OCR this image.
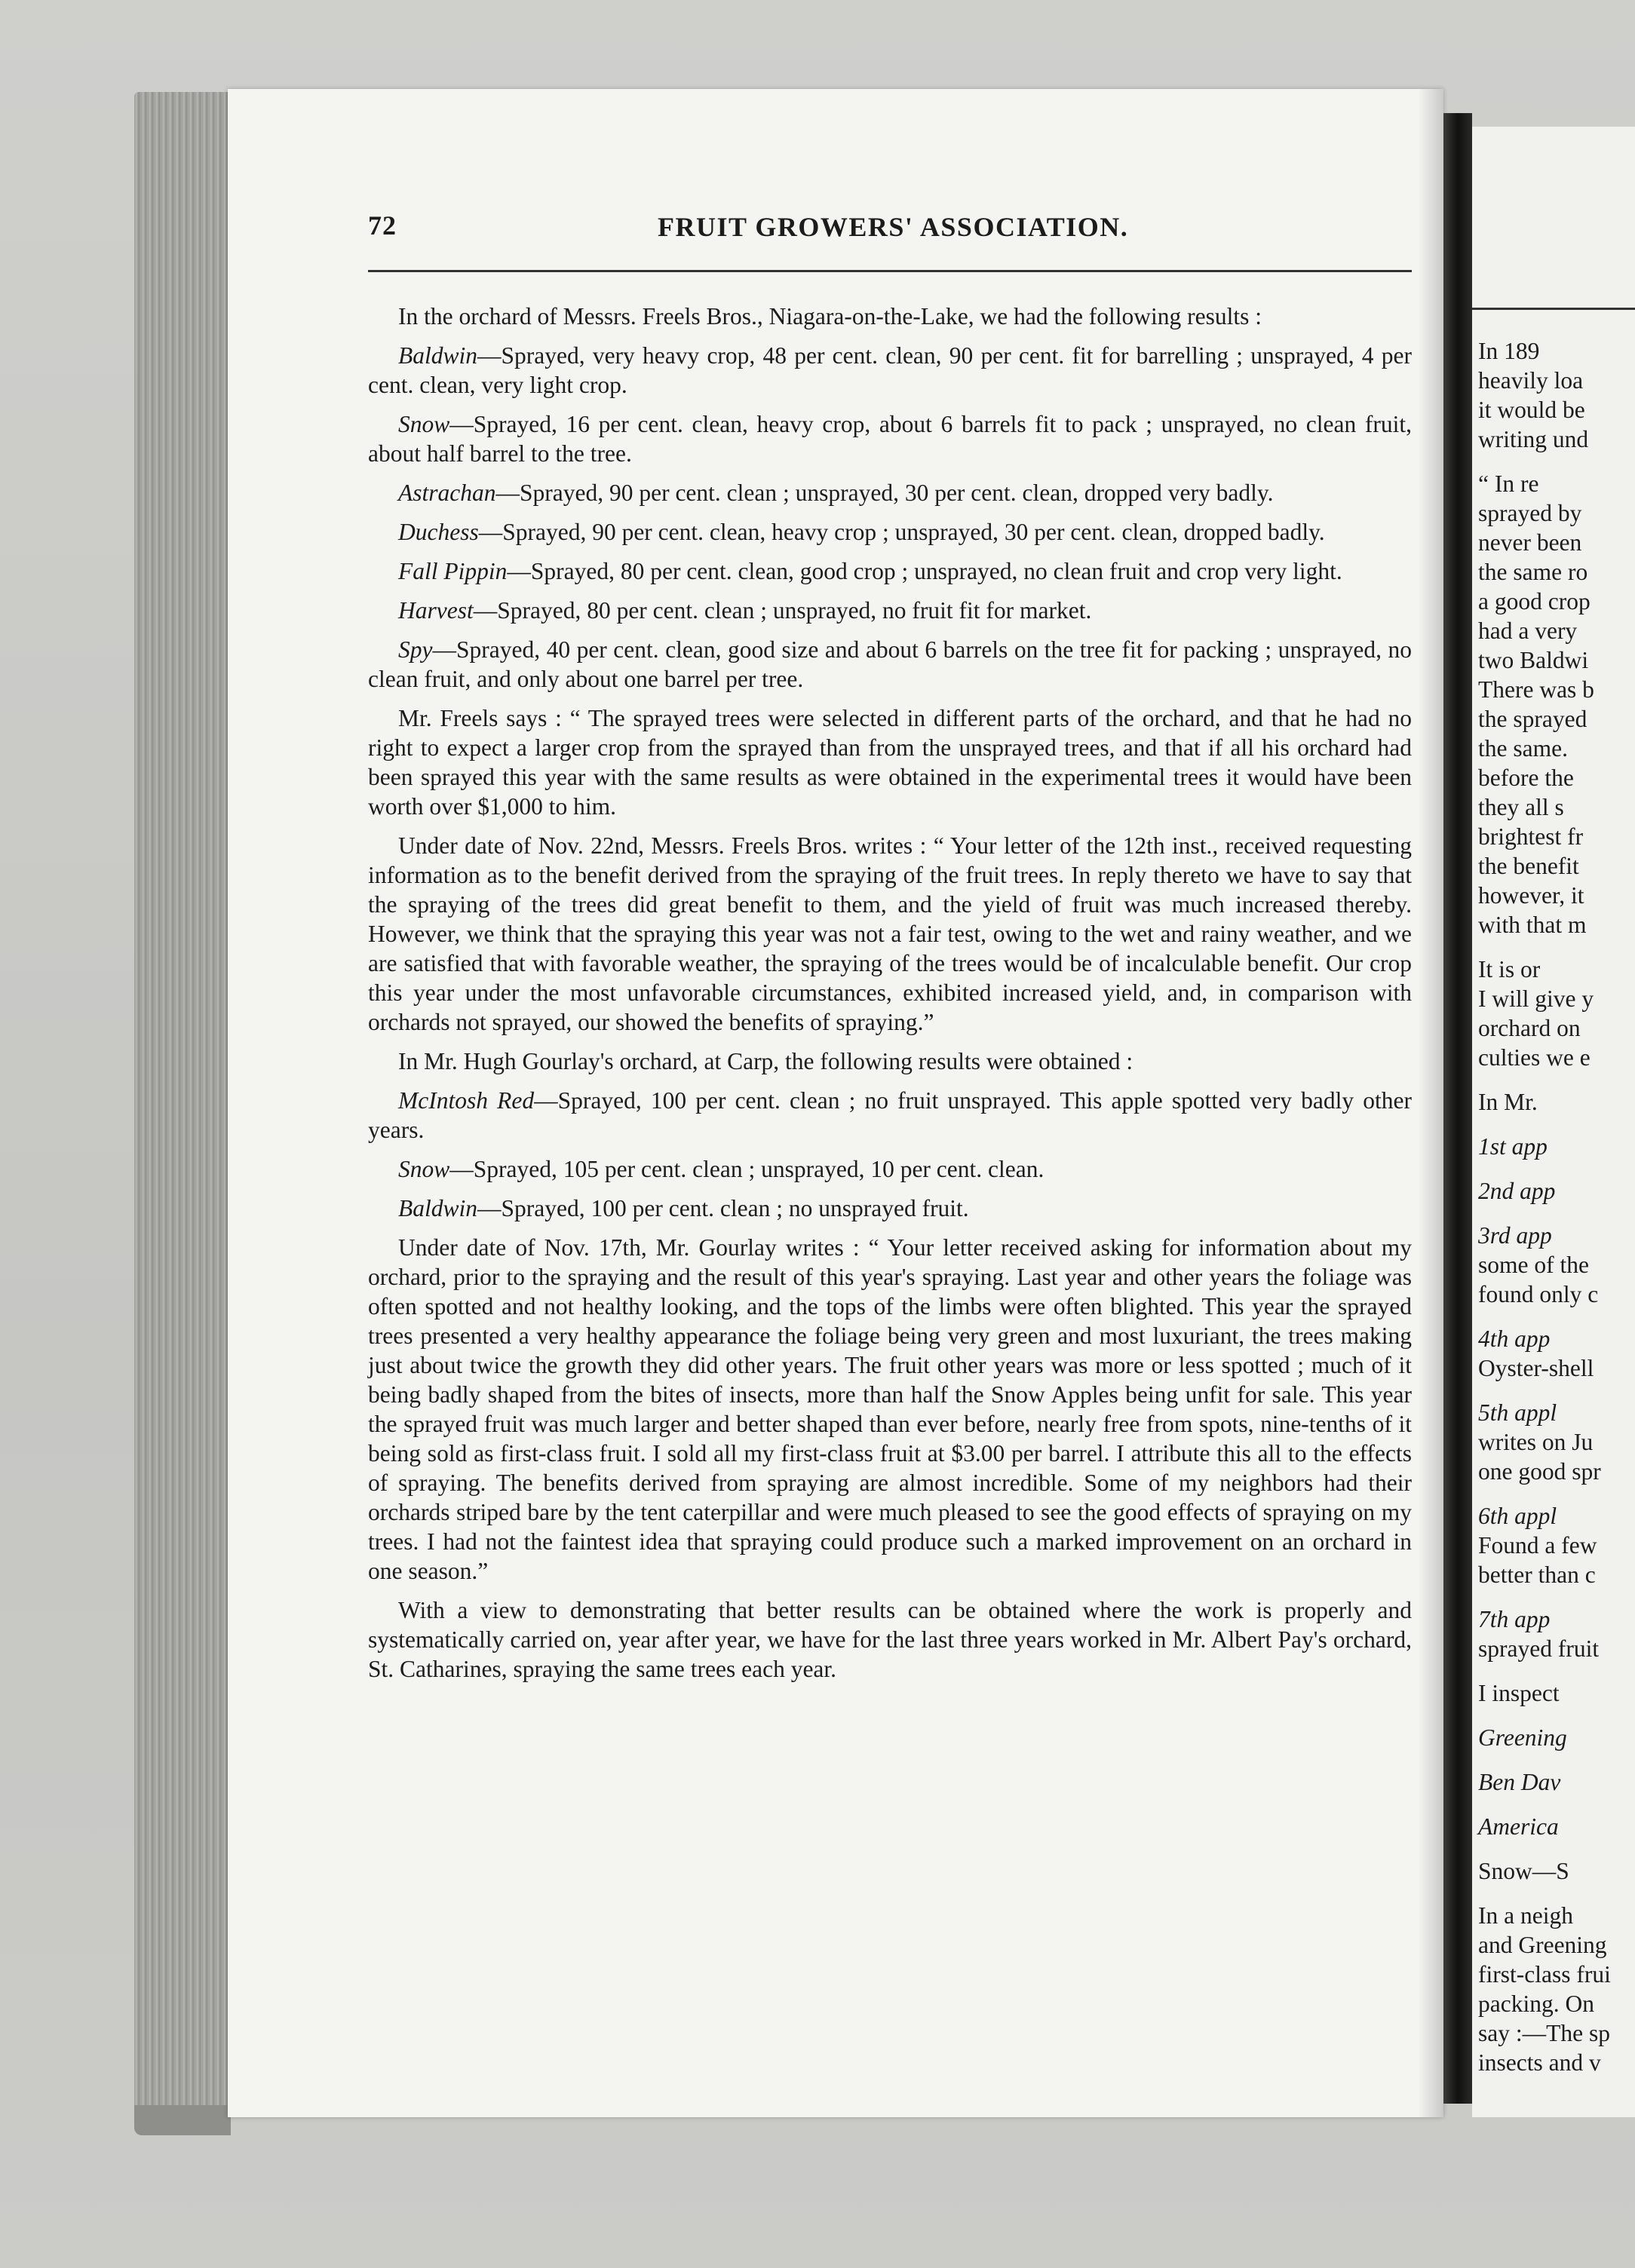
72	FRUIT GROWERS' ASSOCIATION.

In the orchard of Messrs. Freels Bros., Niagara-on-the-Lake, we had the following results :

Baldwin—Sprayed, very heavy crop, 48 per cent. clean, 90 per cent. fit for barrelling ; unsprayed, 4 per cent. clean, very light crop.

Snow—Sprayed, 16 per cent. clean, heavy crop, about 6 barrels fit to pack ; unsprayed, no clean fruit, about half barrel to the tree.

Astrachan—Sprayed, 90 per cent. clean ; unsprayed, 30 per cent. clean, dropped very badly.

Duchess—Sprayed, 90 per cent. clean, heavy crop ; unsprayed, 30 per cent. clean, dropped badly.

Fall Pippin—Sprayed, 80 per cent. clean, good crop ; unsprayed, no clean fruit and crop very light.

Harvest—Sprayed, 80 per cent. clean ; unsprayed, no fruit fit for market.

Spy—Sprayed, 40 per cent. clean, good size and about 6 barrels on the tree fit for packing ; unsprayed, no clean fruit, and only about one barrel per tree.

Mr. Freels says : “ The sprayed trees were selected in different parts of the orchard, and that he had no right to expect a larger crop from the sprayed than from the unsprayed trees, and that if all his orchard had been sprayed this year with the same results as were obtained in the experimental trees it would have been worth over $1,000 to him.

Under date of Nov. 22nd, Messrs. Freels Bros. writes : “ Your letter of the 12th inst., received requesting information as to the benefit derived from the spraying of the fruit trees. In reply thereto we have to say that the spraying of the trees did great benefit to them, and the yield of fruit was much increased thereby. However, we think that the spraying this year was not a fair test, owing to the wet and rainy weather, and we are satisfied that with favorable weather, the spraying of the trees would be of incalculable benefit. Our crop this year under the most unfavorable circumstances, exhibited increased yield, and, in comparison with orchards not sprayed, our showed the benefits of spraying.”

In Mr. Hugh Gourlay's orchard, at Carp, the following results were obtained :

McIntosh Red—Sprayed, 100 per cent. clean ; no fruit unsprayed. This apple spotted very badly other years.

Snow—Sprayed, 105 per cent. clean ; unsprayed, 10 per cent. clean.

Baldwin—Sprayed, 100 per cent. clean ; no unsprayed fruit.

Under date of Nov. 17th, Mr. Gourlay writes : “ Your letter received asking for information about my orchard, prior to the spraying and the result of this year's spraying. Last year and other years the foliage was often spotted and not healthy looking, and the tops of the limbs were often blighted. This year the sprayed trees presented a very healthy appearance the foliage being very green and most luxuriant, the trees making just about twice the growth they did other years. The fruit other years was more or less spotted ; much of it being badly shaped from the bites of insects, more than half the Snow Apples being unfit for sale. This year the sprayed fruit was much larger and better shaped than ever before, nearly free from spots, nine-tenths of it being sold as first-class fruit. I sold all my first-class fruit at $3.00 per barrel. I attribute this all to the effects of spraying. The benefits derived from spraying are almost incredible. Some of my neighbors had their orchards striped bare by the tent caterpillar and were much pleased to see the good effects of spraying on my trees. I had not the faintest idea that spraying could produce such a marked improvement on an orchard in one season.”

With a view to demonstrating that better results can be obtained where the work is properly and systematically carried on, year after year, we have for the last three years worked in Mr. Albert Pay's orchard, St. Catharines, spraying the same trees each year.

In 189
heavily loa
it would be
writing und
“ In re
sprayed by
never been
the same ro
a good crop
had a very
two Baldwi
There was b
the sprayed
the same.
before the
they all s
brightest fr
the benefit
however, it
with that m
It is or
I will give y
orchard on
culties we e
In Mr.
1st app
2nd app
3rd app
some of the
found only c
4th app
Oyster-shell
5th appl
writes on Ju
one good spr
6th appl
Found a few
better than c
7th app
sprayed fruit
I inspect
Greening
Ben Dav
America
Snow—S
In a neigh
and Greening
first-class frui
packing. On
say :—The sp
insects and v
